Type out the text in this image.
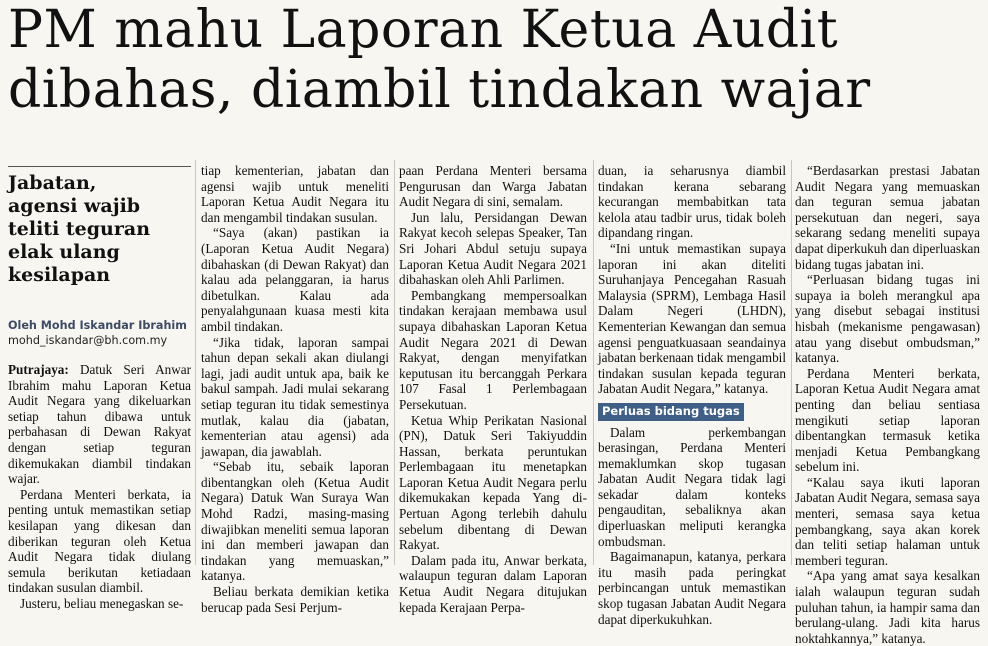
PM mahu Laporan Ketua Audit
dibahas, diambil tindakan wajar
Jabatan,
agensi wajib
teliti teguran
elak ulang
kesilapan
Oleh Mohd Iskandar Ibrahim
mohd_iskandar@bh.com.my

Putrajaya: Datuk Seri Anwar Ibrahim mahu Laporan Ketua Audit Negara yang dikeluarkan setiap tahun dibawa untuk perbahasan di Dewan Rakyat dengan setiap teguran dikemukakan diambil tindakan wajar.

Perdana Menteri berkata, ia penting untuk memastikan setiap kesilapan yang dikesan dan diberikan teguran oleh Ketua Audit Negara tidak diulang semula berikutan ketiadaan tindakan susulan diambil.

Justeru, beliau menegaskan se-

tiap kementerian, jabatan dan agensi wajib untuk meneliti Laporan Ketua Audit Negara itu dan mengambil tindakan susulan.

“Saya (akan) pastikan ia (Laporan Ketua Audit Negara) dibahaskan (di Dewan Rakyat) dan kalau ada pelanggaran, ia harus dibetulkan. Kalau ada penyalahgunaan kuasa mesti kita ambil tindakan.

“Jika tidak, laporan sampai tahun depan sekali akan diulangi lagi, jadi audit untuk apa, baik ke bakul sampah. Jadi mulai sekarang setiap teguran itu tidak semestinya mutlak, kalau dia (jabatan, kementerian atau agensi) ada jawapan, dia jawablah.

“Sebab itu, sebaik laporan dibentangkan oleh (Ketua Audit Negara) Datuk Wan Suraya Wan Mohd Radzi, masing-masing diwajibkan meneliti semua laporan ini dan memberi jawapan dan tindakan yang memuaskan,” katanya.

Beliau berkata demikian ketika berucap pada Sesi Perjum-

paan Perdana Menteri bersama Pengurusan dan Warga Jabatan Audit Negara di sini, semalam.

Jun lalu, Persidangan Dewan Rakyat kecoh selepas Speaker, Tan Sri Johari Abdul setuju supaya Laporan Ketua Audit Negara 2021 dibahaskan oleh Ahli Parlimen.

Pembangkang mempersoalkan tindakan kerajaan membawa usul supaya dibahaskan Laporan Ketua Audit Negara 2021 di Dewan Rakyat, dengan menyifatkan keputusan itu bercanggah Perkara 107 Fasal 1 Perlembagaan Persekutuan.

Ketua Whip Perikatan Nasional (PN), Datuk Seri Takiyuddin Hassan, berkata peruntukan Perlembagaan itu menetapkan Laporan Ketua Audit Negara perlu dikemukakan kepada Yang di-Pertuan Agong terlebih dahulu sebelum dibentang di Dewan Rakyat.

Dalam pada itu, Anwar berkata, walaupun teguran dalam Laporan Ketua Audit Negara ditujukan kepada Kerajaan Perpa-

duan, ia seharusnya diambil tindakan kerana sebarang kecurangan membabitkan tata kelola atau tadbir urus, tidak boleh dipandang ringan.

“Ini untuk memastikan supaya laporan ini akan diteliti Suruhanjaya Pencegahan Rasuah Malaysia (SPRM), Lembaga Hasil Dalam Negeri (LHDN), Kementerian Kewangan dan semua agensi penguatkuasaan seandainya jabatan berkenaan tidak mengambil tindakan susulan kepada teguran Jabatan Audit Negara,” katanya.

Perluas bidang tugas

Dalam perkembangan berasingan, Perdana Menteri memaklumkan skop tugasan Jabatan Audit Negara tidak lagi sekadar dalam konteks pengauditan, sebaliknya akan diperluaskan meliputi kerangka ombudsman.

Bagaimanapun, katanya, perkara itu masih pada peringkat perbincangan untuk memastikan skop tugasan Jabatan Audit Negara dapat diperkukuhkan.

“Berdasarkan prestasi Jabatan Audit Negara yang memuaskan dan teguran semua jabatan persekutuan dan negeri, saya sekarang sedang meneliti supaya dapat diperkukuh dan diperluaskan bidang tugas jabatan ini.

“Perluasan bidang tugas ini supaya ia boleh merangkul apa yang disebut sebagai institusi hisbah (mekanisme pengawasan) atau yang disebut ombudsman,” katanya.

Perdana Menteri berkata, Laporan Ketua Audit Negara amat penting dan beliau sentiasa mengikuti setiap laporan dibentangkan termasuk ketika menjadi Ketua Pembangkang sebelum ini.

“Kalau saya ikuti laporan Jabatan Audit Negara, semasa saya menteri, semasa saya ketua pembangkang, saya akan korek dan teliti setiap halaman untuk memberi teguran.

“Apa yang amat saya kesalkan ialah walaupun teguran sudah puluhan tahun, ia hampir sama dan berulang-ulang. Jadi kita harus noktahkannya,” katanya.
